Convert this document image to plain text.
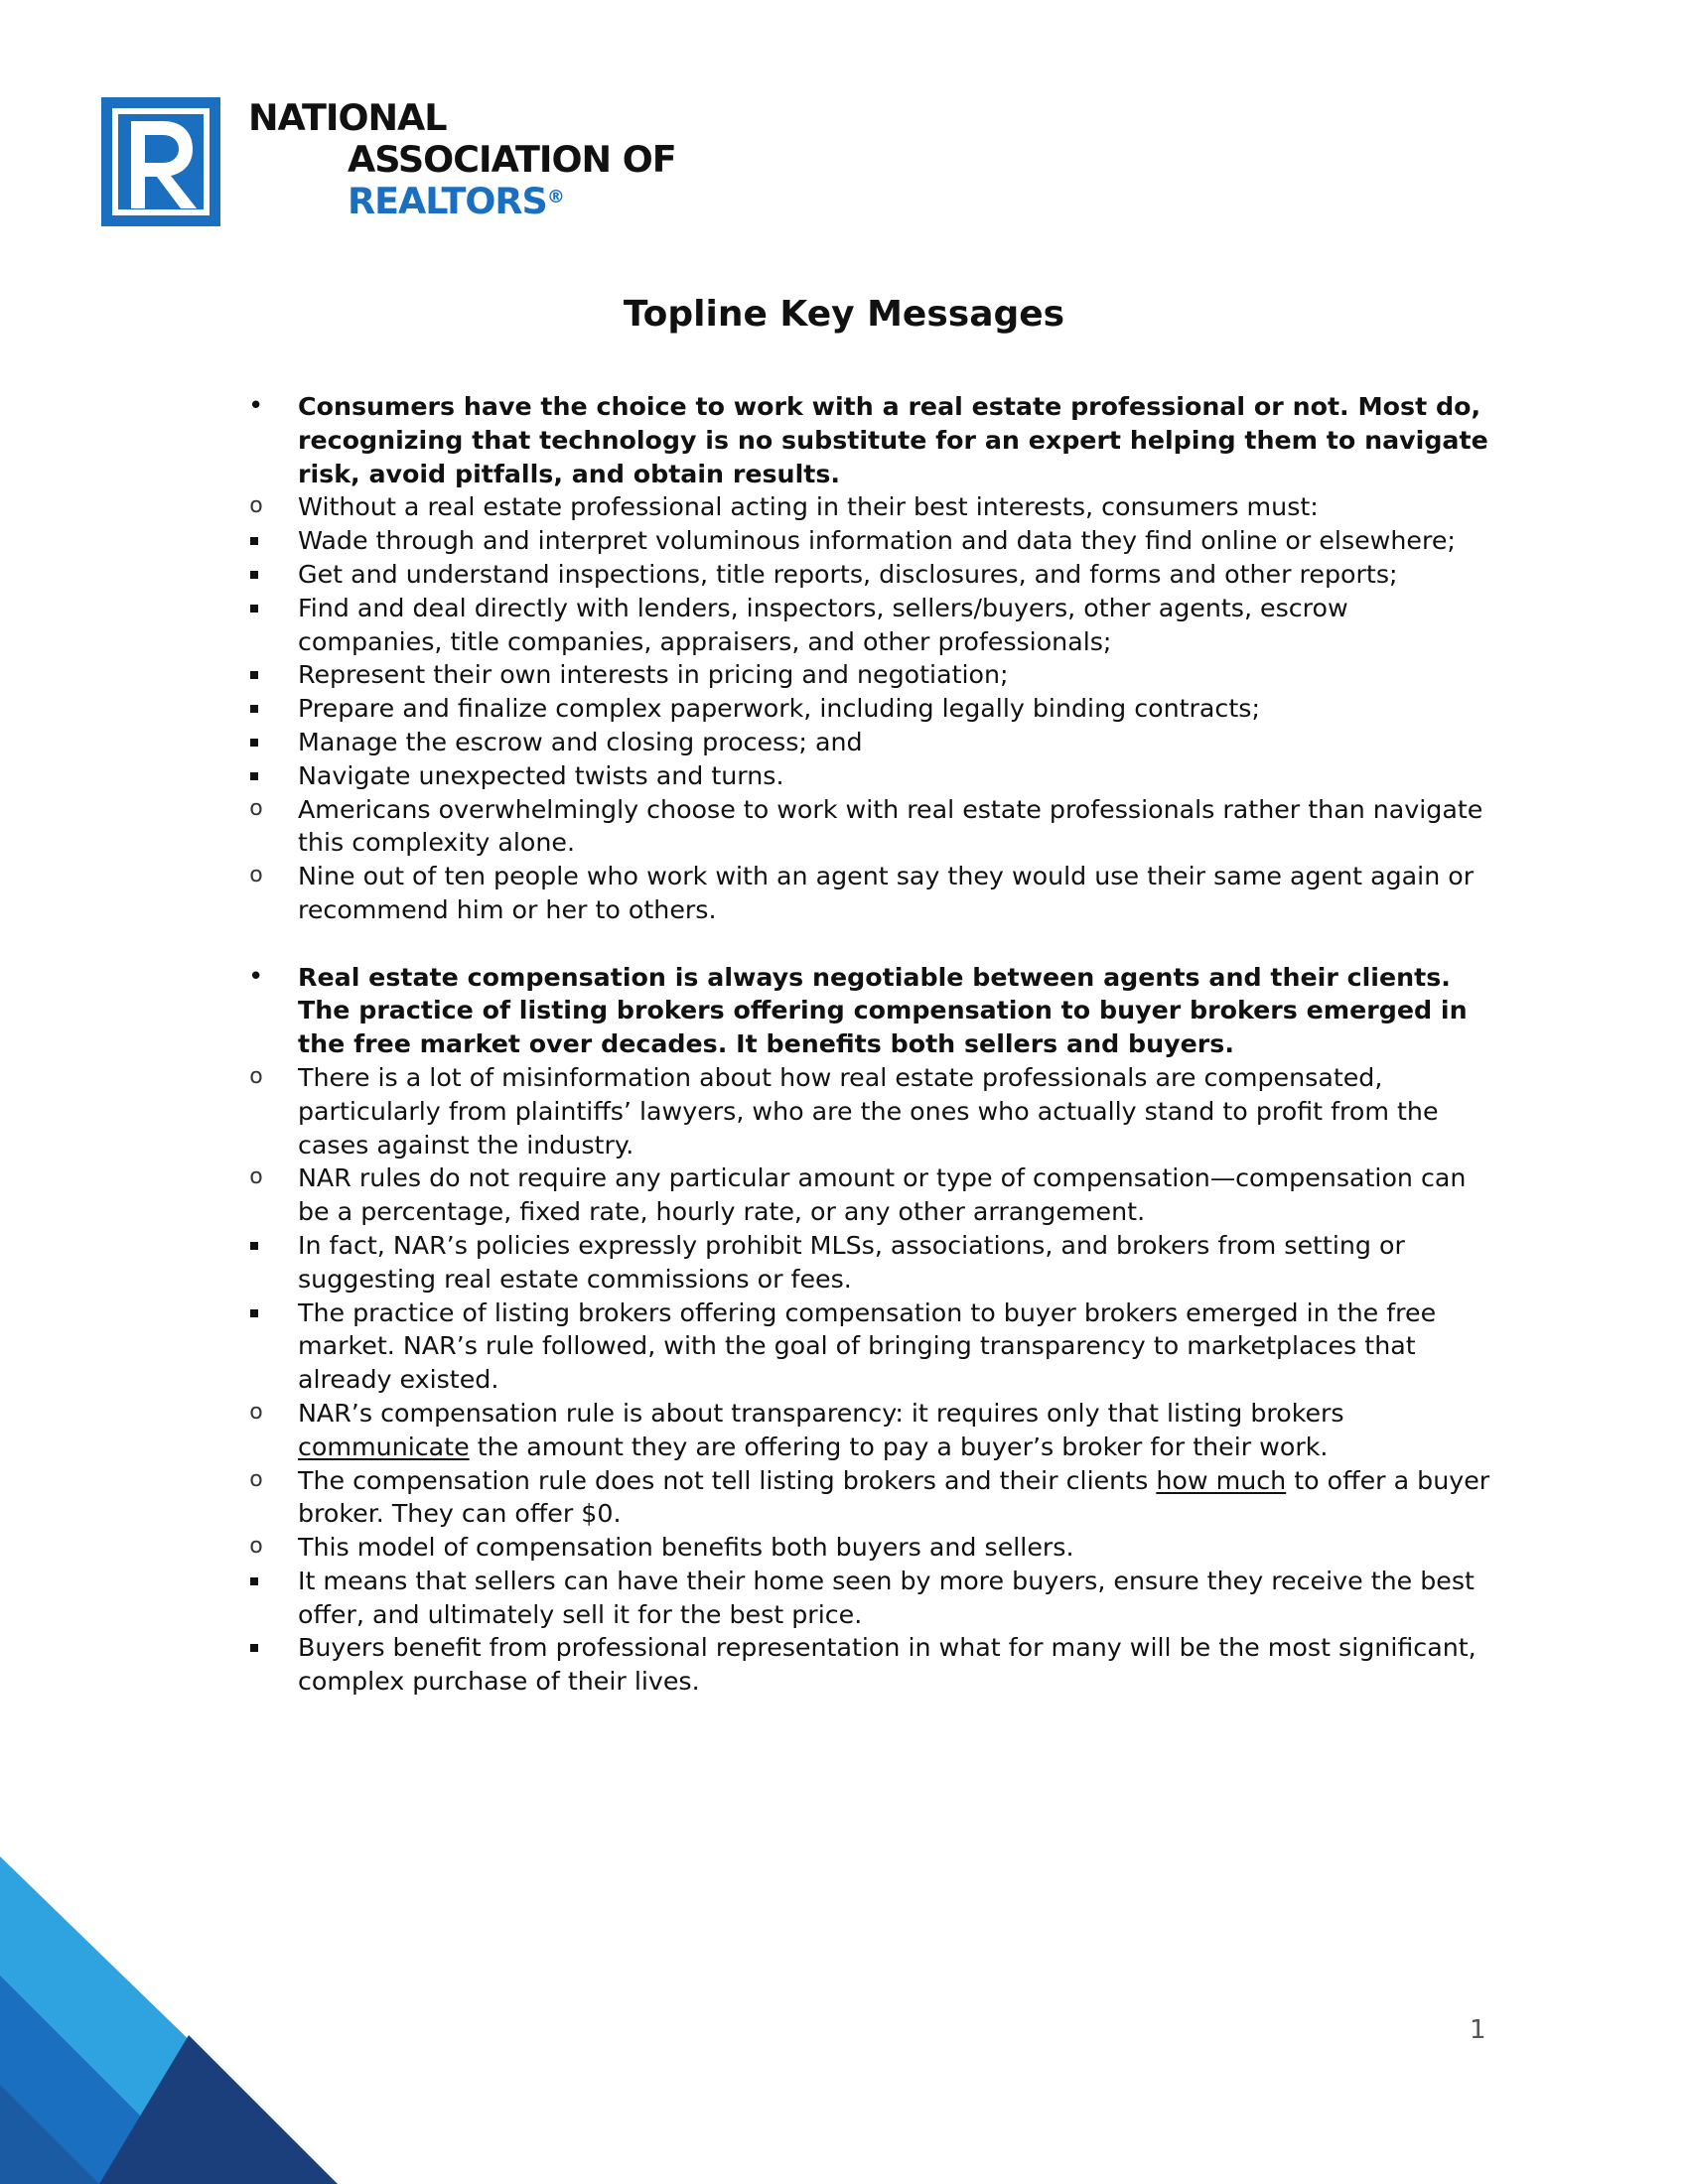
NATIONAL
ASSOCIATION OF
REALTORS®
Topline Key Messages
• Consumers have the choice to work with a real estate professional or not. Most do, recognizing that technology is no substitute for an expert helping them to navigate risk, avoid pitfalls, and obtain results.
o Without a real estate professional acting in their best interests, consumers must:
Wade through and interpret voluminous information and data they find online or elsewhere;
Get and understand inspections, title reports, disclosures, and forms and other reports;
Find and deal directly with lenders, inspectors, sellers/buyers, other agents, escrow companies, title companies, appraisers, and other professionals;
Represent their own interests in pricing and negotiation;
Prepare and finalize complex paperwork, including legally binding contracts;
Manage the escrow and closing process; and
Navigate unexpected twists and turns.
o Americans overwhelmingly choose to work with real estate professionals rather than navigate this complexity alone.
o Nine out of ten people who work with an agent say they would use their same agent again or recommend him or her to others.
• Real estate compensation is always negotiable between agents and their clients. The practice of listing brokers offering compensation to buyer brokers emerged in the free market over decades. It benefits both sellers and buyers.
o There is a lot of misinformation about how real estate professionals are compensated, particularly from plaintiffs’ lawyers, who are the ones who actually stand to profit from the cases against the industry.
o NAR rules do not require any particular amount or type of compensation—compensation can be a percentage, fixed rate, hourly rate, or any other arrangement.
In fact, NAR’s policies expressly prohibit MLSs, associations, and brokers from setting or suggesting real estate commissions or fees.
The practice of listing brokers offering compensation to buyer brokers emerged in the free market. NAR’s rule followed, with the goal of bringing transparency to marketplaces that already existed.
o NAR’s compensation rule is about transparency: it requires only that listing brokers communicate the amount they are offering to pay a buyer’s broker for their work.
o The compensation rule does not tell listing brokers and their clients how much to offer a buyer broker. They can offer $0.
o This model of compensation benefits both buyers and sellers.
It means that sellers can have their home seen by more buyers, ensure they receive the best offer, and ultimately sell it for the best price.
Buyers benefit from professional representation in what for many will be the most significant, complex purchase of their lives.
1
